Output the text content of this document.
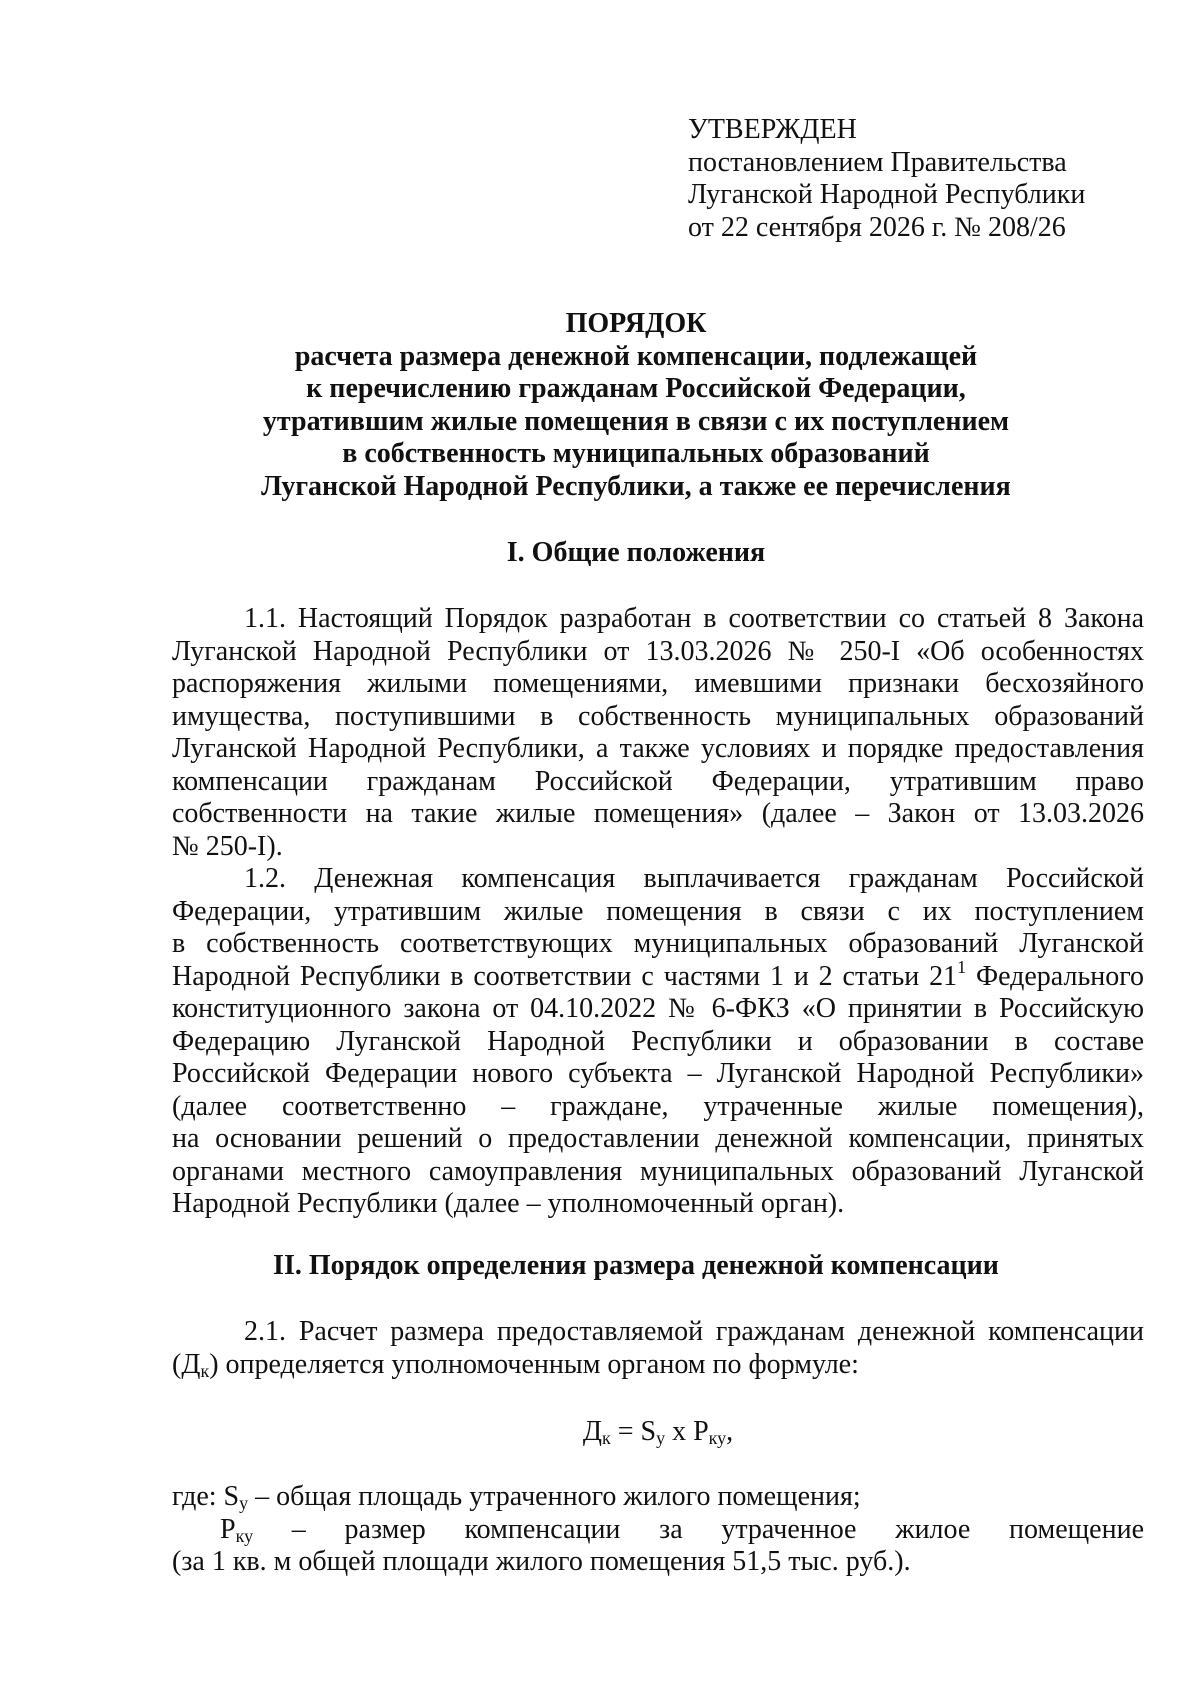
УТВЕРЖДЕН
постановлением Правительства
Луганской Народной Республики
от 22 сентября 2026 г. № 208/26
ПОРЯДОК
расчета размера денежной компенсации, подлежащей
к перечислению гражданам Российской Федерации,
утратившим жилые помещения в связи с их поступлением
в собственность муниципальных образований
Луганской Народной Республики, а также ее перечисления
I. Общие положения
1.1. Настоящий Порядок разработан в соответствии со статьей 8 Закона
Луганской Народной Республики от 13.03.2026 № 250-I «Об особенностях
распоряжения жилыми помещениями, имевшими признаки бесхозяйного
имущества, поступившими в собственность муниципальных образований
Луганской Народной Республики, а также условиях и порядке предоставления
компенсации гражданам Российской Федерации, утратившим право
собственности на такие жилые помещения» (далее – Закон от 13.03.2026
№ 250-I).
1.2. Денежная компенсация выплачивается гражданам Российской
Федерации, утратившим жилые помещения в связи с их поступлением
в собственность соответствующих муниципальных образований Луганской
Народной Республики в соответствии с частями 1 и 2 статьи $21^1$ Федерального
конституционного закона от 04.10.2022 № 6-ФКЗ «О принятии в Российскую
Федерацию Луганской Народной Республики и образовании в составе
Российской Федерации нового субъекта – Луганской Народной Республики»
(далее соответственно – граждане, утраченные жилые помещения),
на основании решений о предоставлении денежной компенсации, принятых
органами местного самоуправления муниципальных образований Луганской
Народной Республики (далее – уполномоченный орган).
II. Порядок определения размера денежной компенсации
2.1. Расчет размера предоставляемой гражданам денежной компенсации
$(Д_к)$ определяется уполномоченным органом по формуле:
$Д_к = S_у$ x $Р_{ку}$,
где: $S_у$ – общая площадь утраченного жилого помещения;
$Р_{ку}$ – размер компенсации за утраченное жилое помещение
(за 1 кв. м общей площади жилого помещения 51,5 тыс. руб.).
